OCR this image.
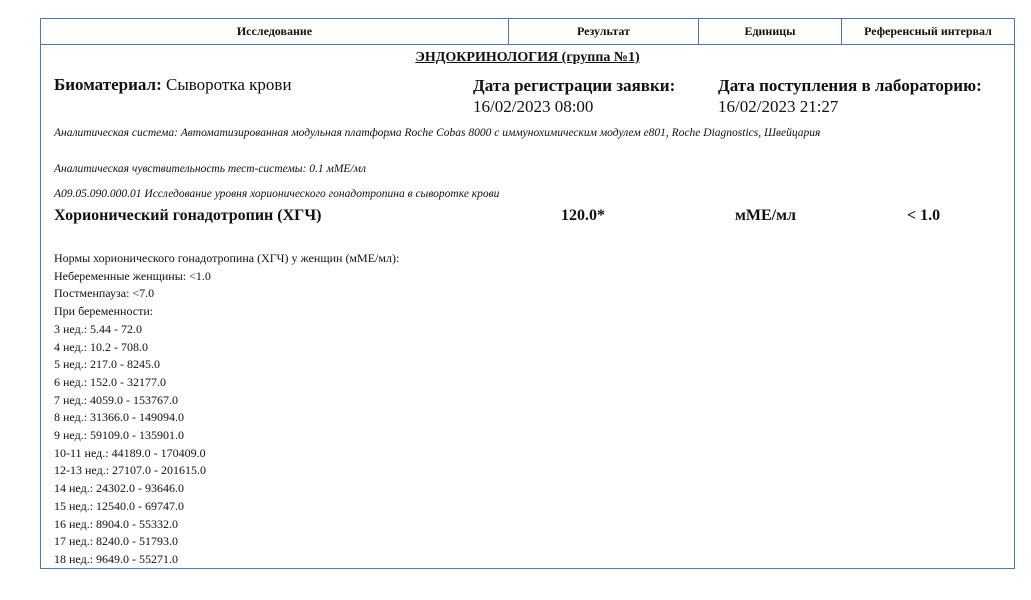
Исследование	Результат	Единицы	Референсный интервал
ЭНДОКРИНОЛОГИЯ (группа №1)
Биоматериал: Сыворотка крови	Дата регистрации заявки:
16/02/2023 08:00
Дата поступления в лабораторию:
16/02/2023 21:27
Аналитическая система: Автоматизированная модульная платформа Roche Cobas 8000 с иммунохимическим модулем e801, Roche Diagnostics, Швейцария
Аналитическая чувствительность тест-системы: 0.1 мМЕ/мл
А09.05.090.000.01 Исследование уровня хорионического гонадотропина в сыворотке крови
Хорионический гонадотропин (ХГЧ)	120.0*	мМЕ/мл	< 1.0
Нормы хорионического гонадотропина (ХГЧ) у женщин (мМЕ/мл):
Небеременные женщины: <1.0
Постменпауза: <7.0
При беременности:
3 нед.: 5.44 - 72.0
4 нед.: 10.2 - 708.0
5 нед.: 217.0 - 8245.0
6 нед.: 152.0 - 32177.0
7 нед.: 4059.0 - 153767.0
8 нед.: 31366.0 - 149094.0
9 нед.: 59109.0 - 135901.0
10-11 нед.: 44189.0 - 170409.0
12-13 нед.: 27107.0 - 201615.0
14 нед.: 24302.0 - 93646.0
15 нед.: 12540.0 - 69747.0
16 нед.: 8904.0 - 55332.0
17 нед.: 8240.0 - 51793.0
18 нед.: 9649.0 - 55271.0
